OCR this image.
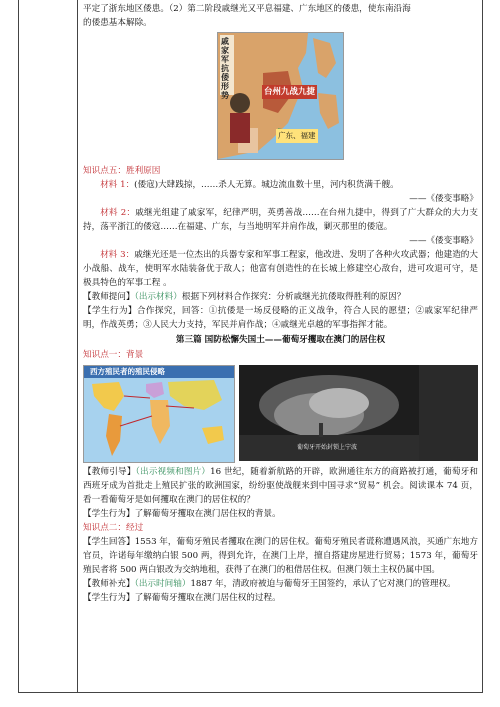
平定了浙东地区倭患。（2）第二阶段戚继光又平息福建、广东地区的倭患，使东南沿海

的倭患基本解除。

戚家军抗倭形势	台州九战九捷
广东、福建

知识点五：胜利原因

材料 1：(倭寇)大肆践掠，……杀人无算。城边流血数十里，河内积货满千艘。

——《倭变事略》

材料 2：戚继光组建了戚家军，纪律严明，英勇善战……在台州九捷中，得到了广大群众的大力支持，荡平浙江的倭寇……在福建、广东，与当地明军并肩作战，剿灭那里的倭寇。

——《倭变事略》

材料 3：戚继光还是一位杰出的兵器专家和军事工程家，他改进、发明了各种火攻武器；他建造的大小战船、战车，使明军水陆装备优于敌人；他富有创造性的在长城上修建空心敌台，进可攻退可守，是极具特色的军事工程 。

【教师提问】（出示材料）根据下列材料合作探究：分析戚继光抗倭取得胜利的原因？

【学生行为】合作探究，回答：①抗倭是一场反侵略的正义战争，符合人民的愿望；②戚家军纪律严明，作战英勇；③人民大力支持，军民并肩作战；④戚继光卓越的军事指挥才能。

第三篇 国防松懈失国土——葡萄牙攫取在澳门的居住权

知识点一：背景

西方殖民者的殖民侵略
葡萄牙开始封锁上宁波

【教师引导】（出示视频和图片）16 世纪，随着新航路的开辟，欧洲通往东方的商路被打通，葡萄牙和西班牙成为首批走上殖民扩张的欧洲国家，纷纷驱使战舰来到中国寻求“贸易” 机会。阅读课本 74 页，看一看葡萄牙是如何攫取在澳门的居住权的？

【学生行为】了解葡萄牙攫取在澳门居住权的背景。

知识点二：经过

【学生回答】1553 年，葡萄牙殖民者攫取在澳门的居住权。葡萄牙殖民者谎称遭遇风浪，买通广东地方官员，许诺每年缴纳白银 500 两，得到允许，在澳门上岸，擅自搭建房屋进行贸易；1573 年，葡萄牙殖民者将 500 两白银改为交纳地租，获得了在澳门的租借居住权。但澳门领土主权仍属中国。

【教师补充】（出示时间轴）1887 年，清政府被迫与葡萄牙王国签约，承认了它对澳门的管理权。

【学生行为】了解葡萄牙攫取在澳门居住权的过程。
